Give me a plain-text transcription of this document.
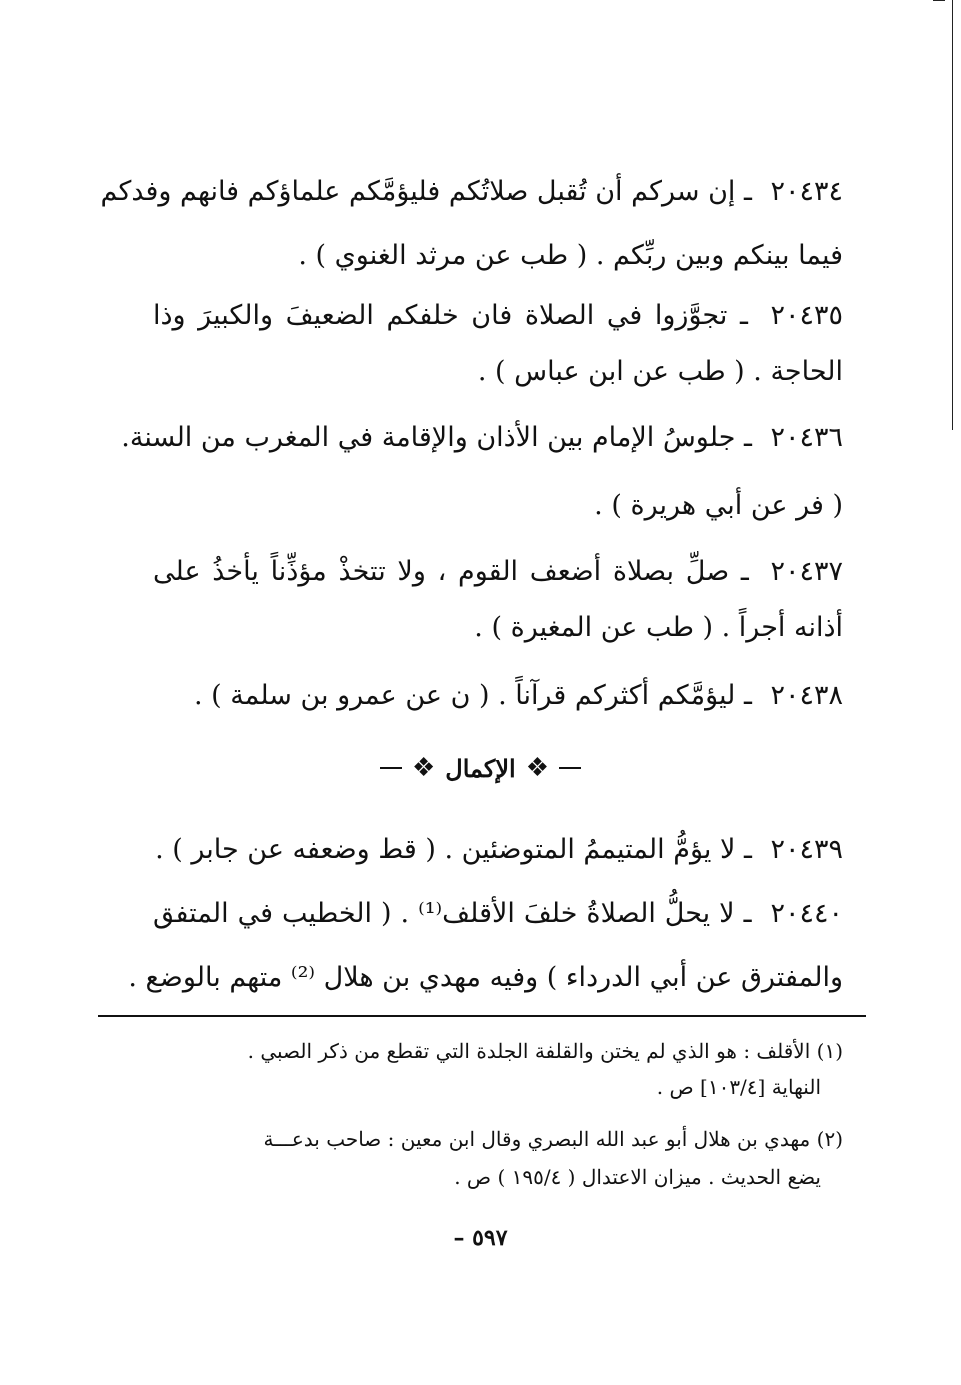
٢٠٤٣٤ ـ إن سركم أن تُقبل صلاتُكم فليؤمَّكم علماؤكم فانهم وفدكم
فيما بينكم وبين ربِّكم . ( طب عن مرثد الغنوي ) .
٢٠٤٣٥ ـ تجوَّزوا في الصلاة فان خلفكم الضعيفَ والكبيرَ وذا
الحاجة . ( طب عن ابن عباس ) .
٢٠٤٣٦ ـ جلوسُ الإمام بين الأذان والإقامة في المغرب من السنة.
( فر عن أبي هريرة ) .
٢٠٤٣٧ ـ صلِّ بصلاة أضعف القوم ، ولا تتخذْ مؤذِّناً يأخذُ على
أذانه أجراً . ( طب عن المغيرة ) .
٢٠٤٣٨ ـ ليؤمَّكم أكثركم قرآناً . ( ن عن عمرو بن سلمة ) .
❖
الإكمال
❖
٢٠٤٣٩ ـ لا يؤمُّ المتيممُ المتوضئين . ( قط وضعفه عن جابر ) .
٢٠٤٤٠ ـ لا يحلُّ الصلاةُ خلفَ الأقلف⁽¹⁾ . ( الخطيب في المتفق
والمفترق عن أبي الدرداء ) وفيه مهدي بن هلال ⁽²⁾ متهم بالوضع .
(١) الأقلف : هو الذي لم يختن والقلفة الجلدة التي تقطع من ذكر الصبي .
النهاية [١٠٣/٤] ص .
(٢) مهدي بن هلال أبو عبد الله البصري وقال ابن معين : صاحب بدعـــة
يضع الحديث . ميزان الاعتدال ( ١٩٥/٤ ) ص .
٥٩٧ –
